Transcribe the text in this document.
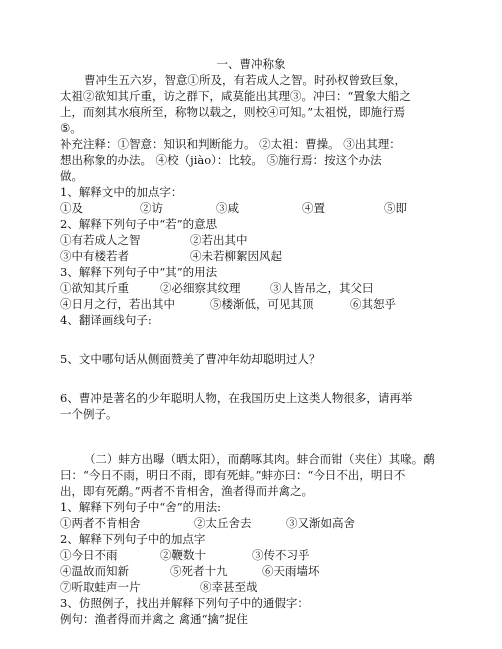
一、曹冲称象
曹冲生五六岁，智意①所及，有若成人之智。时孙权曾致巨象，
太祖②欲知其斤重，访之群下，咸莫能出其理③。冲曰：“置象大船之
上，而刻其水痕所至，称物以载之，则校④可知。”太祖悦，即施行焉
⑤。
补充注释：①智意：知识和判断能力。 ②太祖：曹操。 ③出其理：
想出称象的办法。 ④校（jiào）：比较。 ⑤施行焉：按这个办法
做。
1、解释文中的加点字：
①及	②访	③咸	④置	⑤即
2、解释下列句子中“若”的意思
①有若成人之智	②若出其中
③中有楼若者	④未若柳絮因风起
3、解释下列句子中“其”的用法
①欲知其斤重	②必细察其纹理	③人皆吊之，其父曰
④日月之行，若出其中	⑤楼渐低，可见其顶	⑥其恕乎
4、翻译画线句子:
5、文中哪句话从侧面赞美了曹冲年幼却聪明过人？
6、曹冲是著名的少年聪明人物，在我国历史上这类人物很多，请再举
一个例子。
（二）蚌方出曝（晒太阳），而鹬啄其肉。蚌合而钳（夹住）其喙。鹬
曰：“今日不雨，明日不雨，即有死蚌。”蚌亦曰：“今日不出，明日不
出，即有死鹬。”两者不肯相舍，渔者得而并禽之。
1、解释下列句子中“舍”的用法:
①两者不肯相舍	②太丘舍去	③又渐如高舍
2、解释下列句子中的加点字
①今日不雨	②鞭数十	③传不习乎
④温故而知新	⑤死者十九	⑥天雨墙坏
⑦听取蛙声一片	⑧幸甚至哉
3、仿照例子，找出并解释下列句子中的通假字：
例句：渔者得而并禽之 禽通“擒”捉住
